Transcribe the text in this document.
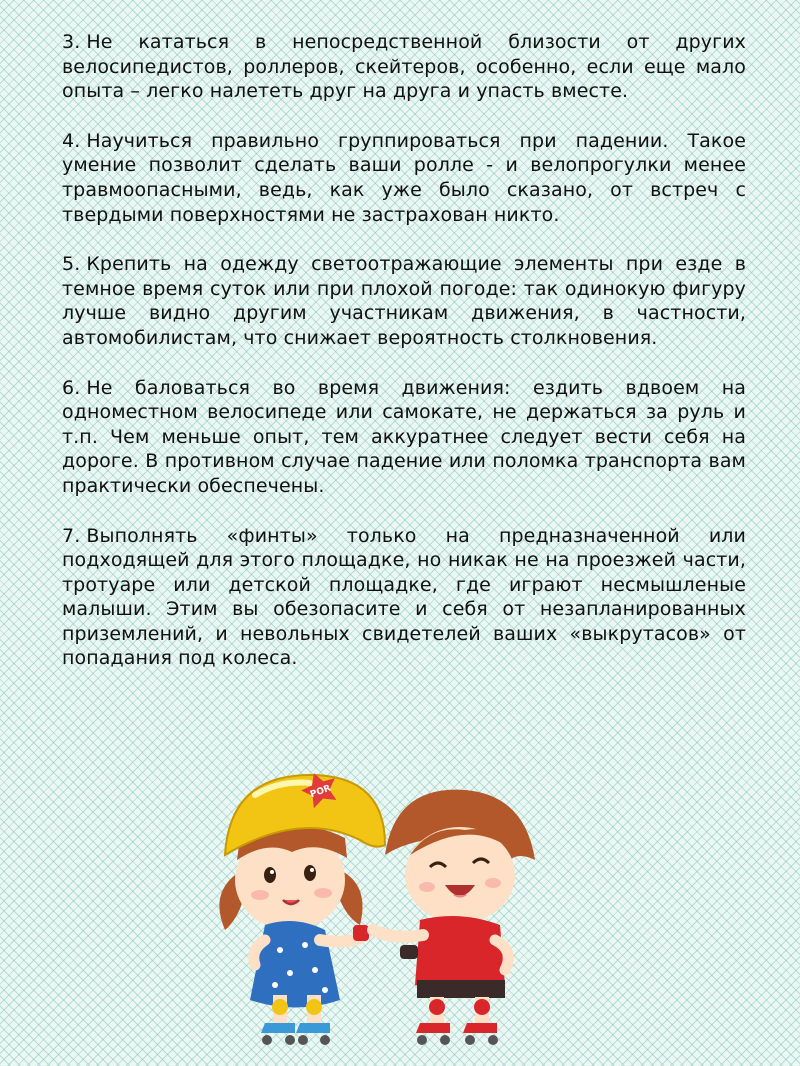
3. Не кататься в непосредственной близости от других велосипедистов, роллеров, скейтеров, особенно, если еще мало опыта – легко налететь друг на друга и упасть вместе.

4. Научиться правильно группироваться при падении. Такое умение позволит сделать ваши ролле - и велопрогулки менее травмоопасными, ведь, как уже было сказано, от встреч с твердыми поверхностями не застрахован никто.

5. Крепить на одежду светоотражающие элементы при езде в темное время суток или при плохой погоде: так одинокую фигуру лучше видно другим участникам движения, в частности, автомобилистам, что снижает вероятность столкновения.

6. Не баловаться во время движения: ездить вдвоем на одноместном велосипеде или самокате, не держаться за руль и т.п. Чем меньше опыт, тем аккуратнее следует вести себя на дороге. В противном случае падение или поломка транспорта вам практически обеспечены.

7. Выполнять «финты» только на предназначенной или подходящей для этого площадке, но никак не на проезжей части, тротуаре или детской площадке, где играют несмышленые малыши. Этим вы обезопасите и себя от незапланированных приземлений, и невольных свидетелей ваших «выкрутасов» от попадания под колеса.

POR
